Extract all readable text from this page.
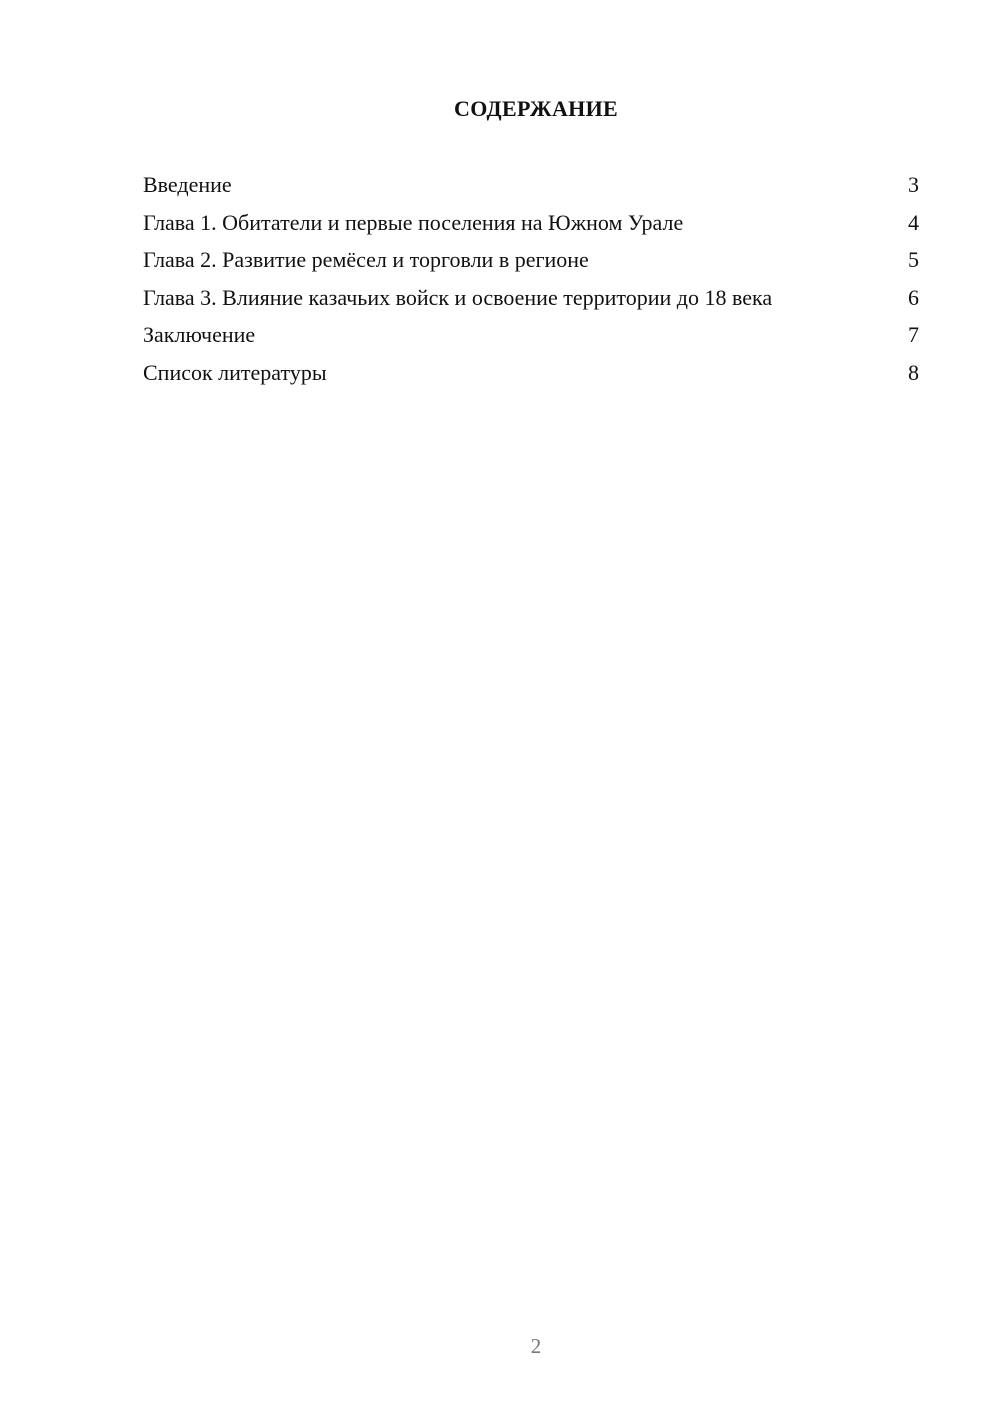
СОДЕРЖАНИЕ
Введение	3
Глава 1. Обитатели и первые поселения на Южном Урале	4
Глава 2. Развитие ремёсел и торговли в регионе	5
Глава 3. Влияние казачьих войск и освоение территории до 18 века	6
Заключение	7
Список литературы	8
2
